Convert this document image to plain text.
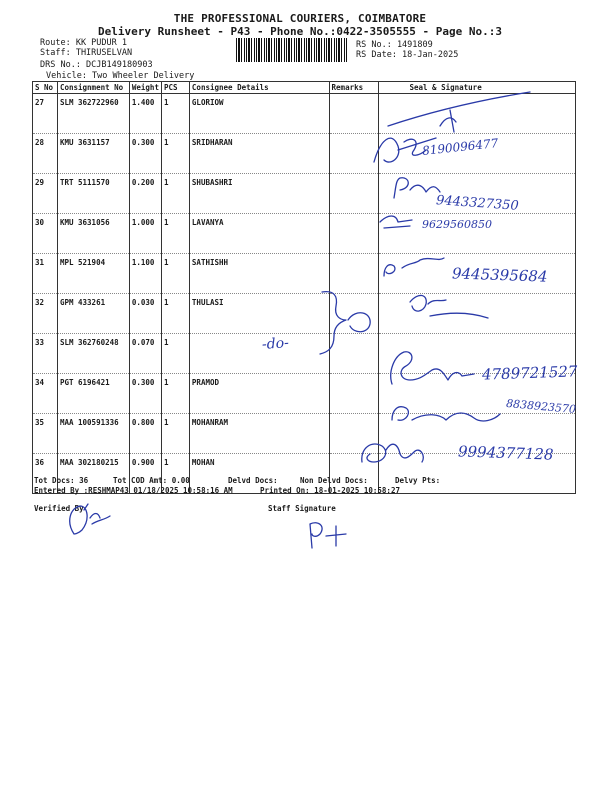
THE PROFESSIONAL COURIERS, COIMBATORE
Delivery Runsheet - P43 - Phone No.:0422-3505555 - Page No.:3
Route: KK PUDUR 1
Staff: THIRUSELVAN
DRS No.: DCJB149180903
Vehicle: Two Wheeler Delivery
RS No.: 1491809
RS Date: 18-Jan-2025
S No	Consignment No	Weight	PCS	Consignee Details	Remarks	Seal & Signature
27	SLM 362722960	1.400	1	GLORIOW		
28	KMU 3631157	0.300	1	SRIDHARAN		
29	TRT 5111570	0.200	1	SHUBASHRI		
30	KMU 3631056	1.000	1	LAVANYA		
31	MPL 521904	1.100	1	SATHISHH		
32	GPM 433261	0.030	1	THULASI		
33	SLM 362760248	0.070	1			
34	PGT 6196421	0.300	1	PRAMOD		
35	MAA 100591336	0.800	1	MOHANRAM		
36	MAA 302180215	0.900	1	MOHAN		
Tot Docs: 36	Tot COD Amt: 0.00	Delvd Docs:	Non Delvd Docs:	Delvy Pts:
Entered By :RESHMAP43 01/18/2025 10:58:16 AM	Printed On: 18-01-2025 10:58:27
Verified By	Staff Signature
8190096477
9443327350
9629560850
9445395684
4789721527
8838923570
9994377128
-do-
